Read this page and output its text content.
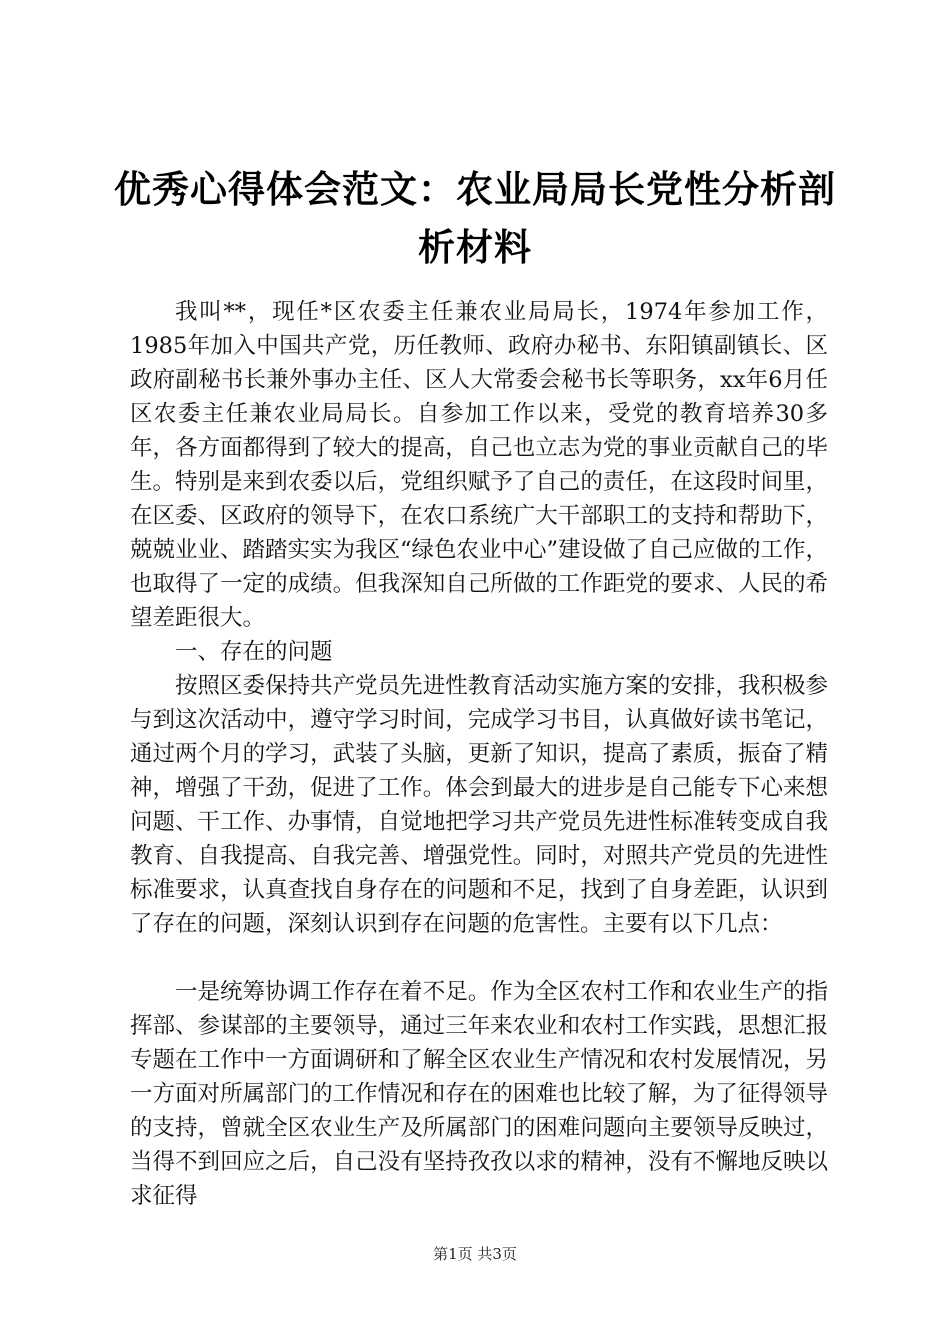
优秀心得体会范文：农业局局长党性分析剖析材料

我叫**，现任*区农委主任兼农业局局长，1974年参加工作，1985年加入中国共产党，历任教师、政府办秘书、东阳镇副镇长、区政府副秘书长兼外事办主任、区人大常委会秘书长等职务，xx年6月任区农委主任兼农业局局长。自参加工作以来，受党的教育培养30多年，各方面都得到了较大的提高，自己也立志为党的事业贡献自己的毕生。特别是来到农委以后，党组织赋予了自己的责任，在这段时间里，在区委、区政府的领导下，在农口系统广大干部职工的支持和帮助下，兢兢业业、踏踏实实为我区“绿色农业中心”建设做了自己应做的工作，也取得了一定的成绩。但我深知自己所做的工作距党的要求、人民的希望差距很大。

一、存在的问题

按照区委保持共产党员先进性教育活动实施方案的安排，我积极参与到这次活动中，遵守学习时间，完成学习书目，认真做好读书笔记，通过两个月的学习，武装了头脑，更新了知识，提高了素质，振奋了精神，增强了干劲，促进了工作。体会到最大的进步是自己能专下心来想问题、干工作、办事情，自觉地把学习共产党员先进性标准转变成自我教育、自我提高、自我完善、增强党性。同时，对照共产党员的先进性标准要求，认真查找自身存在的问题和不足，找到了自身差距，认识到了存在的问题，深刻认识到存在问题的危害性。主要有以下几点：

一是统筹协调工作存在着不足。作为全区农村工作和农业生产的指挥部、参谋部的主要领导，通过三年来农业和农村工作实践，思想汇报专题在工作中一方面调研和了解全区农业生产情况和农村发展情况，另一方面对所属部门的工作情况和存在的困难也比较了解，为了征得领导的支持，曾就全区农业生产及所属部门的困难问题向主要领导反映过，当得不到回应之后，自己没有坚持孜孜以求的精神，没有不懈地反映以求征得

第1页 共3页
